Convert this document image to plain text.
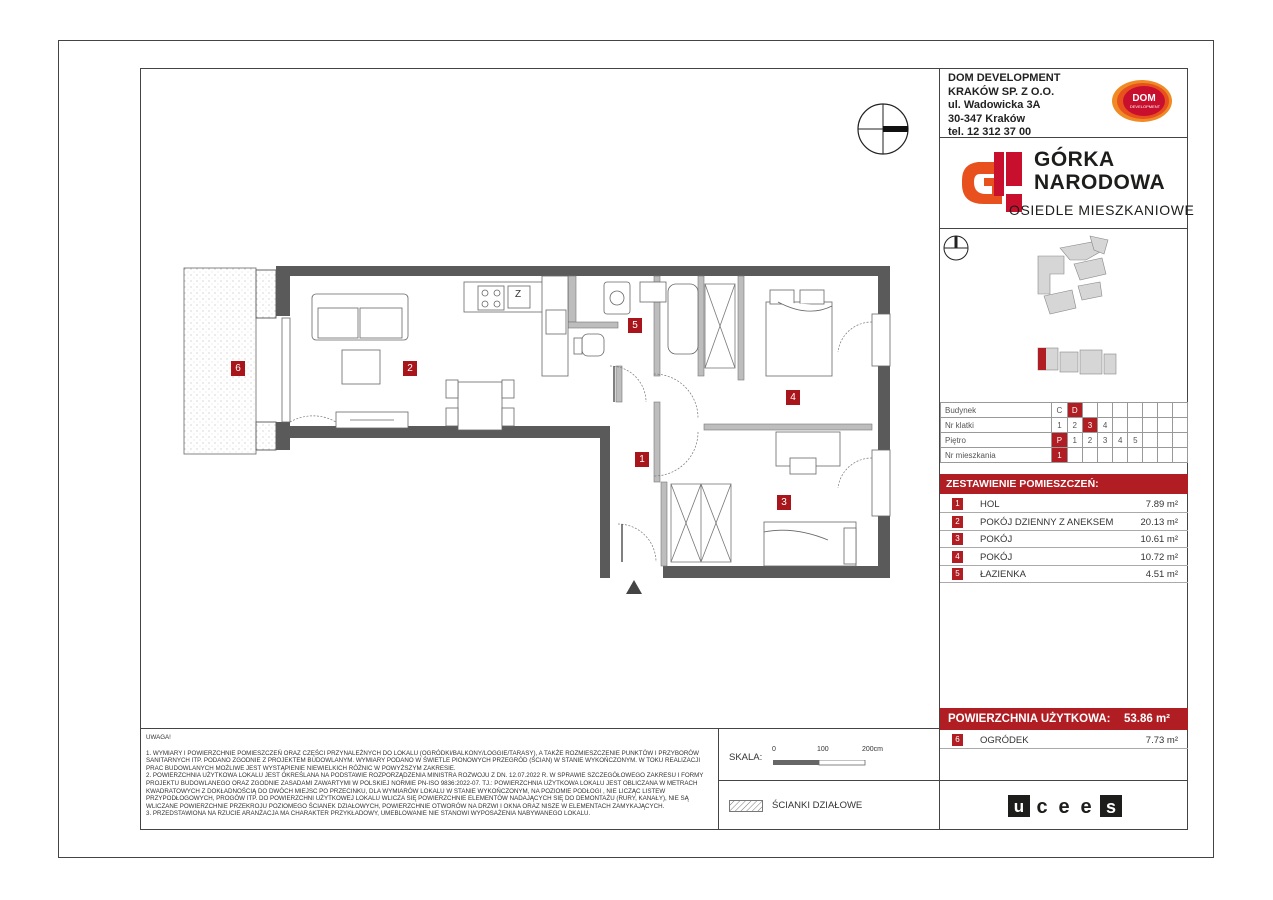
DOM DEVELOPMENT
KRAKÓW SP. Z O.O.
ul. Wadowicka 3A
30-347 Kraków
tel. 12 312 37 00
DOM
DEVELOPMENT
GÓRKA
NARODOWA
OSIEDLE MIESZKANIOWE
Budynek	C	D							
Nr klatki	1	2	3	4					
Piętro	P	1	2	3	4	5			
Nr mieszkania	1								
ZESTAWIENIE POMIESZCZEŃ:
1	HOL	7.89 m²
2	POKÓJ DZIENNY Z ANEKSEM	20.13 m²
3	POKÓJ	10.61 m²
4	POKÓJ	10.72 m²
5	ŁAZIENKA	4.51 m²
POWIERZCHNIA UŻYTKOWA: 53.86 m²
6	OGRÓDEK	7.73 m²

UWAGA!

1. WYMIARY I POWIERZCHNIE POMIESZCZEŃ ORAZ CZĘŚCI PRZYNALEŻNYCH DO LOKALU (OGRÓDKI/BALKONY/LOGGIE/TARASY), A TAKŻE ROZMIESZCZENIE PUNKTÓW I PRZYBORÓW SANITARNYCH ITP. PODANO ZGODNIE Z PROJEKTEM BUDOWLANYM. WYMIARY PODANO W ŚWIETLE PIONOWYCH PRZEGRÓD (ŚCIAN) W STANIE WYKOŃCZONYM. W TOKU REALIZACJI PRAC BUDOWLANYCH MOŻLIWE JEST WYSTĄPIENIE NIEWIELKICH RÓŻNIC W POWYŻSZYM ZAKRESIE.

2. POWIERZCHNIA UŻYTKOWA LOKALU JEST OKREŚLANA NA PODSTAWIE ROZPORZĄDZENIA MINISTRA ROZWOJU Z DN. 12.07.2022 R. W SPRAWIE SZCZEGÓŁOWEGO ZAKRESU I FORMY PROJEKTU BUDOWLANEGO ORAZ ZGODNIE ZASADAMI ZAWARTYMI W POLSKIEJ NORMIE PN-ISO 9836:2022-07. TJ.: POWIERZCHNIA UŻYTKOWA LOKALU JEST OBLICZANA W METRACH KWADRATOWYCH Z DOKŁADNOŚCIĄ DO DWÓCH MIEJSC PO PRZECINKU, DLA WYMIARÓW LOKALU W STANIE WYKOŃCZONYM, NA POZIOMIE PODŁOGI , NIE LICZĄC LISTEW PRZYPODŁOGOWYCH, PROGÓW ITP. DO POWIERZCHNI UŻYTKOWEJ LOKALU WLICZA SIĘ POWIERZCHNIE ELEMENTÓW NADAJĄCYCH SIĘ DO DEMONTAŻU (RURY, KANAŁY), NIE SĄ WLICZANE POWIERZCHNIE PRZEKROJU POZIOMEGO ŚCIANEK DZIAŁOWYCH, POWIERZCHNIE OTWORÓW NA DRZWI I OKNA ORAZ NISZE W ELEMENTACH ZAMYKAJĄCYCH.

3. PRZEDSTAWIONA NA RZUCIE ARANŻACJA MA CHARAKTER PRZYKŁADOWY, UMEBLOWANIE NIE STANOWI WYPOSAŻENIA NABYWANEGO LOKALU.

SKALA:
0	100	200cm
ŚCIANKI DZIAŁOWE	u c e e s
6	2
5
4
1
3
Z
